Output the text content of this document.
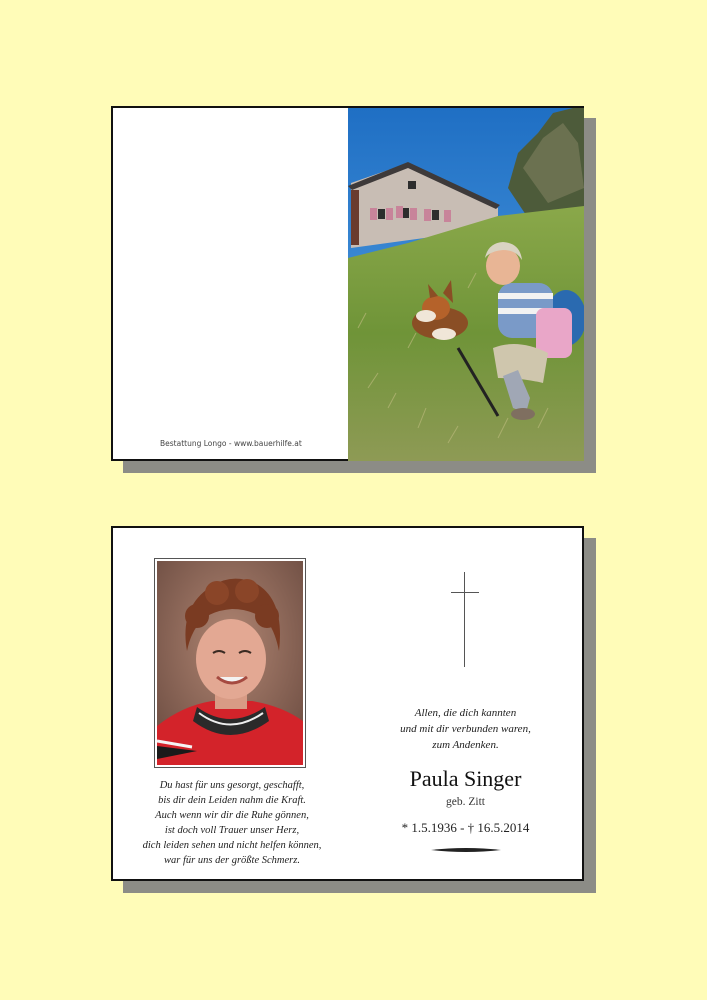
Bestattung Longo - www.bauerhilfe.at
Du hast für uns gesorgt, geschafft,
bis dir dein Leiden nahm die Kraft.
Auch wenn wir dir die Ruhe gönnen,
ist doch voll Trauer unser Herz,
dich leiden sehen und nicht helfen können,
war für uns der größte Schmerz.
Allen, die dich kannten
und mit dir verbunden waren,
zum Andenken.
Paula Singer
geb. Zitt
* 1.5.1936 - † 16.5.2014
